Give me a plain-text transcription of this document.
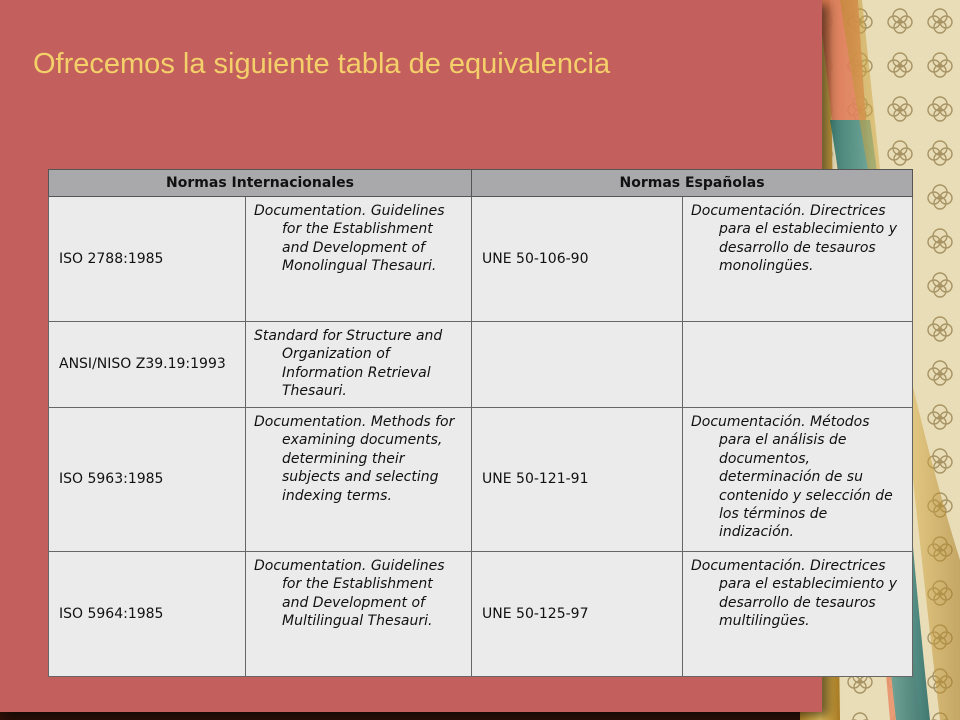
Ofrecemos la siguiente tabla de equivalencia
Normas Internacionales		Normas Españolas	
ISO 2788:1985	Documentation. Guidelines for the Establishment and Development of Monolingual Thesauri.	UNE 50-106-90	Documentación. Directrices para el establecimiento y desarrollo de tesauros monolingües.
ANSI/NISO Z39.19:1993	Standard for Structure and Organization of Information Retrieval Thesauri.		
ISO 5963:1985	Documentation. Methods for examining documents, determining their subjects and selecting indexing terms.	UNE 50-121-91	Documentación. Métodos para el análisis de documentos, determinación de su contenido y selección de los términos de indización.
ISO 5964:1985	Documentation. Guidelines for the Establishment and Development of Multilingual Thesauri.	UNE 50-125-97	Documentación. Directrices para el establecimiento y desarrollo de tesauros multilingües.
